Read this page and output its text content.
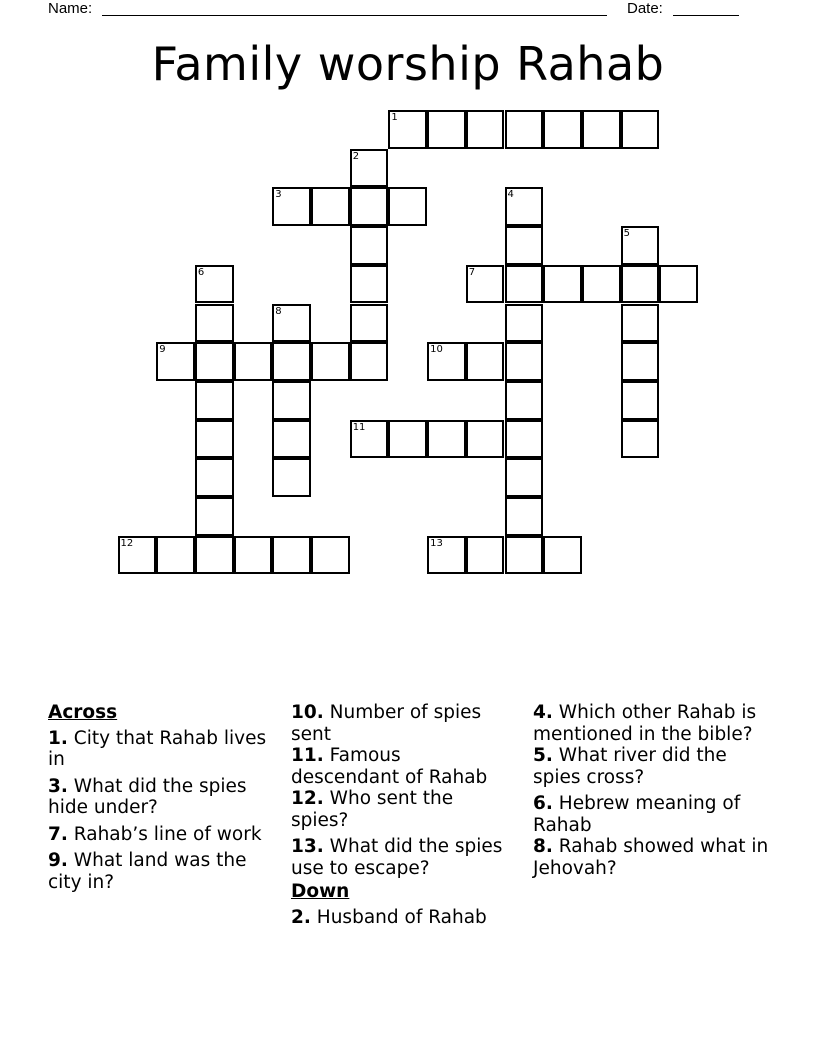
Name:	Date:
Family worship Rahab
1
2
3	4
5
6	7
8
9	10
11
12	13
Across
1. City that Rahab lives in
3. What did the spies hide under?
7. Rahab’s line of work
9. What land was the city in?
10. Number of spies sent
11. Famous descendant of Rahab
12. Who sent the spies?
13. What did the spies use to escape?
Down
2. Husband of Rahab
4. Which other Rahab is mentioned in the bible?
5. What river did the spies cross?
6. Hebrew meaning of Rahab
8. Rahab showed what in Jehovah?
